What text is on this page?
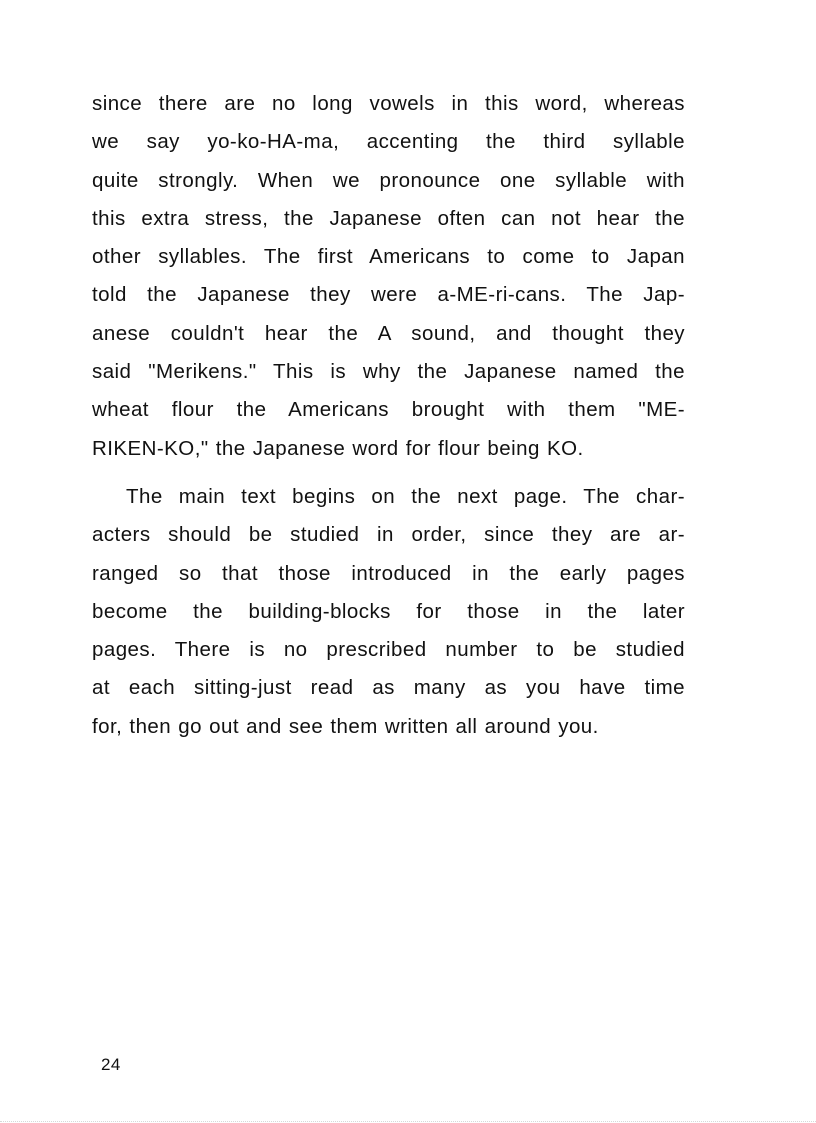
since there are no long vowels in this word, whereas
we say yo-ko-HA-ma, accenting the third syllable
quite strongly. When we pronounce one syllable with
this extra stress, the Japanese often can not hear the
other syllables. The first Americans to come to Japan
told the Japanese they were a-ME-ri-cans. The Jap-
anese couldn't hear the A sound, and thought they
said "Merikens." This is why the Japanese named the
wheat flour the Americans brought with them "ME-
RIKEN-KO," the Japanese word for flour being KO.
The main text begins on the next page. The char-
acters should be studied in order, since they are ar-
ranged so that those introduced in the early pages
become the building-blocks for those in the later
pages. There is no prescribed number to be studied
at each sitting-just read as many as you have time
for, then go out and see them written all around you.
24
